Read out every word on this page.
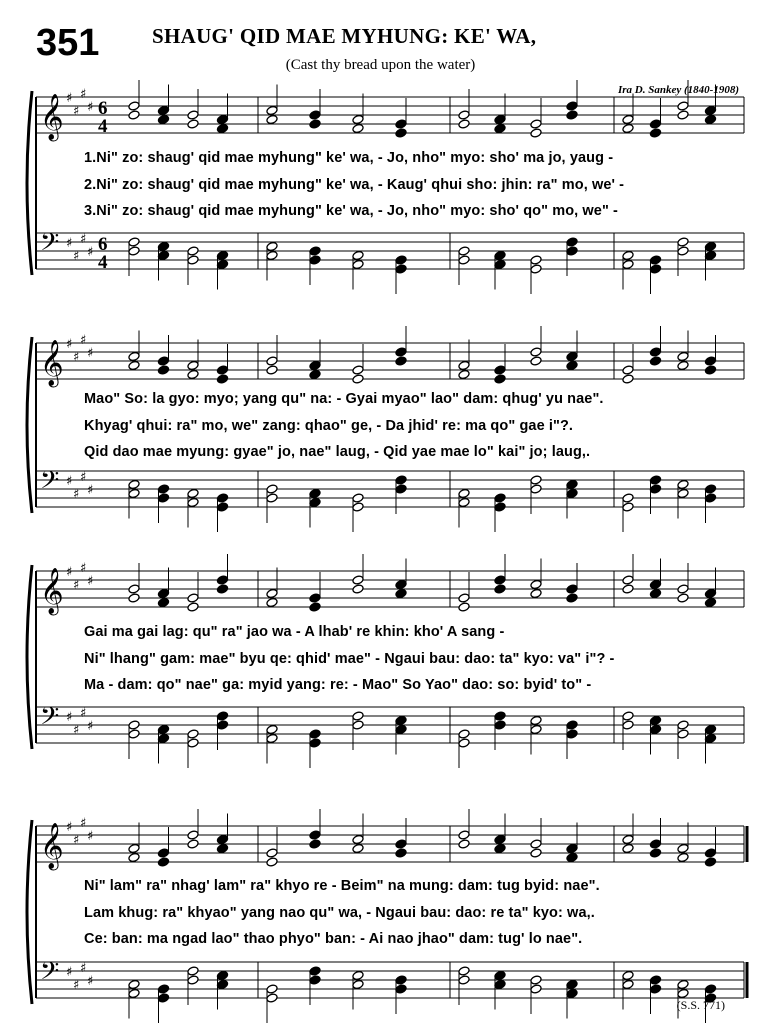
351	SHAUG' QID MAE MYHUNG: KE' WA,
(Cast thy bread upon the water)
Ira D. Sankey (1840-1908)
𝄞 ♯
♯
♯
♯ 6
4
𝄢 ♯
♯
♯
♯ 6
4
𝄞 ♯
♯
♯
♯
𝄢 ♯
♯
♯
♯
𝄞 ♯
♯
♯
♯
𝄢 ♯
♯
♯
♯
𝄞 ♯
♯
♯
♯
𝄢 ♯
♯
♯
♯
1.Ni" zo: shaug' qid mae myhung" ke' wa, - Jo, nho" myo: sho' ma jo, yaug -
2.Ni" zo: shaug' qid mae myhung" ke' wa, - Kaug' qhui sho: jhin: ra" mo, we' -
3.Ni" zo: shaug' qid mae myhung" ke' wa, - Jo, nho" myo: sho' qo" mo, we" -
Mao" So: la gyo: myo; yang qu" na: - Gyai myao" lao" dam: qhug' yu nae".
Khyag' qhui: ra" mo, we" zang: qhao" ge, - Da jhid' re: ma qo" gae i"?.
Qid dao mae myung: gyae" jo, nae" laug, - Qid yae mae lo" kai" jo; laug,.
Gai ma gai lag: qu" ra" jao wa - A lhab' re khin: kho' A sang -
Ni" lhang" gam: mae" byu qe: qhid' mae" - Ngaui bau: dao: ta" kyo: va" i"? -
Ma - dam: qo" nae" ga: myid yang: re: - Mao" So Yao" dao: so: byid' to" -
Ni" lam" ra" nhag' lam" ra" khyo re - Beim" na mung: dam: tug byid: nae".
Lam khug: ra" khyao" yang nao qu" wa, - Ngaui bau: dao: re ta" kyo: wa,.
Ce: ban: ma ngad lao" thao phyo" ban: - Ai nao jhao" dam: tug' lo nae".
(S.S. 771)
